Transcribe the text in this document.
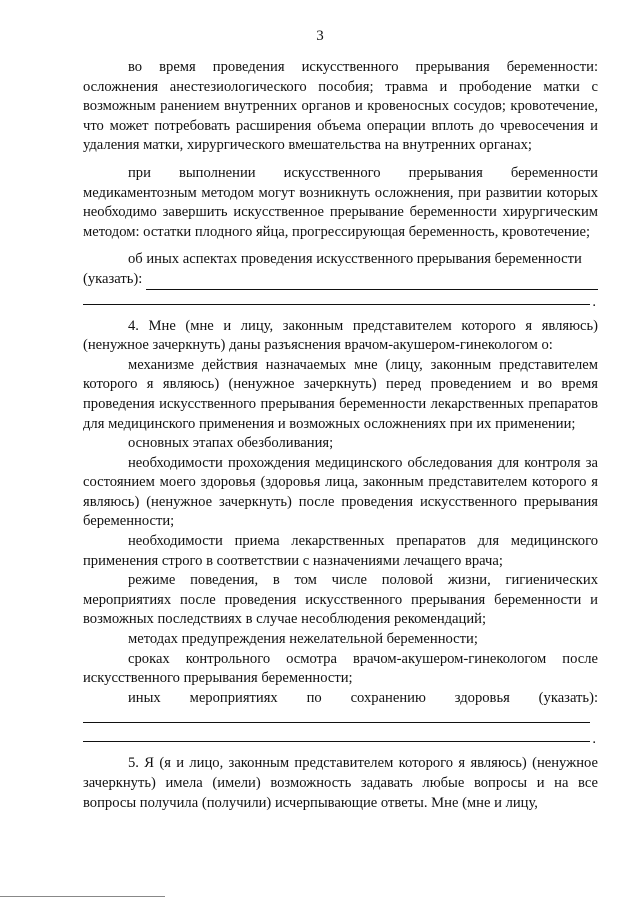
3

во время проведения искусственного прерывания беременности: осложнения анестезиологического пособия; травма и прободение матки с возможным ранением внутренних органов и кровеносных сосудов; кровотечение, что может потребовать расширения объема операции вплоть до чревосечения и удаления матки, хирургического вмешательства на внутренних органах;

при выполнении искусственного прерывания беременности медикаментозным методом могут возникнуть осложнения, при развитии которых необходимо завершить искусственное прерывание беременности хирургическим методом: остатки плодного яйца, прогрессирующая беременность, кровотечение;

об иных аспектах проведения искусственного прерывания беременности

(указать):
.

4. Мне (мне и лицу, законным представителем которого я являюсь) (ненужное зачеркнуть) даны разъяснения врачом-акушером-гинекологом о:

механизме действия назначаемых мне (лицу, законным представителем которого я являюсь) (ненужное зачеркнуть) перед проведением и во время проведения искусственного прерывания беременности лекарственных препаратов для медицинского применения и возможных осложнениях при их применении;

основных этапах обезболивания;

необходимости прохождения медицинского обследования для контроля за состоянием моего здоровья (здоровья лица, законным представителем которого я являюсь) (ненужное зачеркнуть) после проведения искусственного прерывания беременности;

необходимости приема лекарственных препаратов для медицинского применения строго в соответствии с назначениями лечащего врача;

режиме поведения, в том числе половой жизни, гигиенических мероприятиях после проведения искусственного прерывания беременности и возможных последствиях в случае несоблюдения рекомендаций;

методах предупреждения нежелательной беременности;

сроках контрольного осмотра врачом-акушером-гинекологом после искусственного прерывания беременности;

иных мероприятиях по сохранению здоровья (указать):

.

5. Я (я и лицо, законным представителем которого я являюсь) (ненужное зачеркнуть) имела (имели) возможность задавать любые вопросы и на все вопросы получила (получили) исчерпывающие ответы. Мне (мне и лицу,
